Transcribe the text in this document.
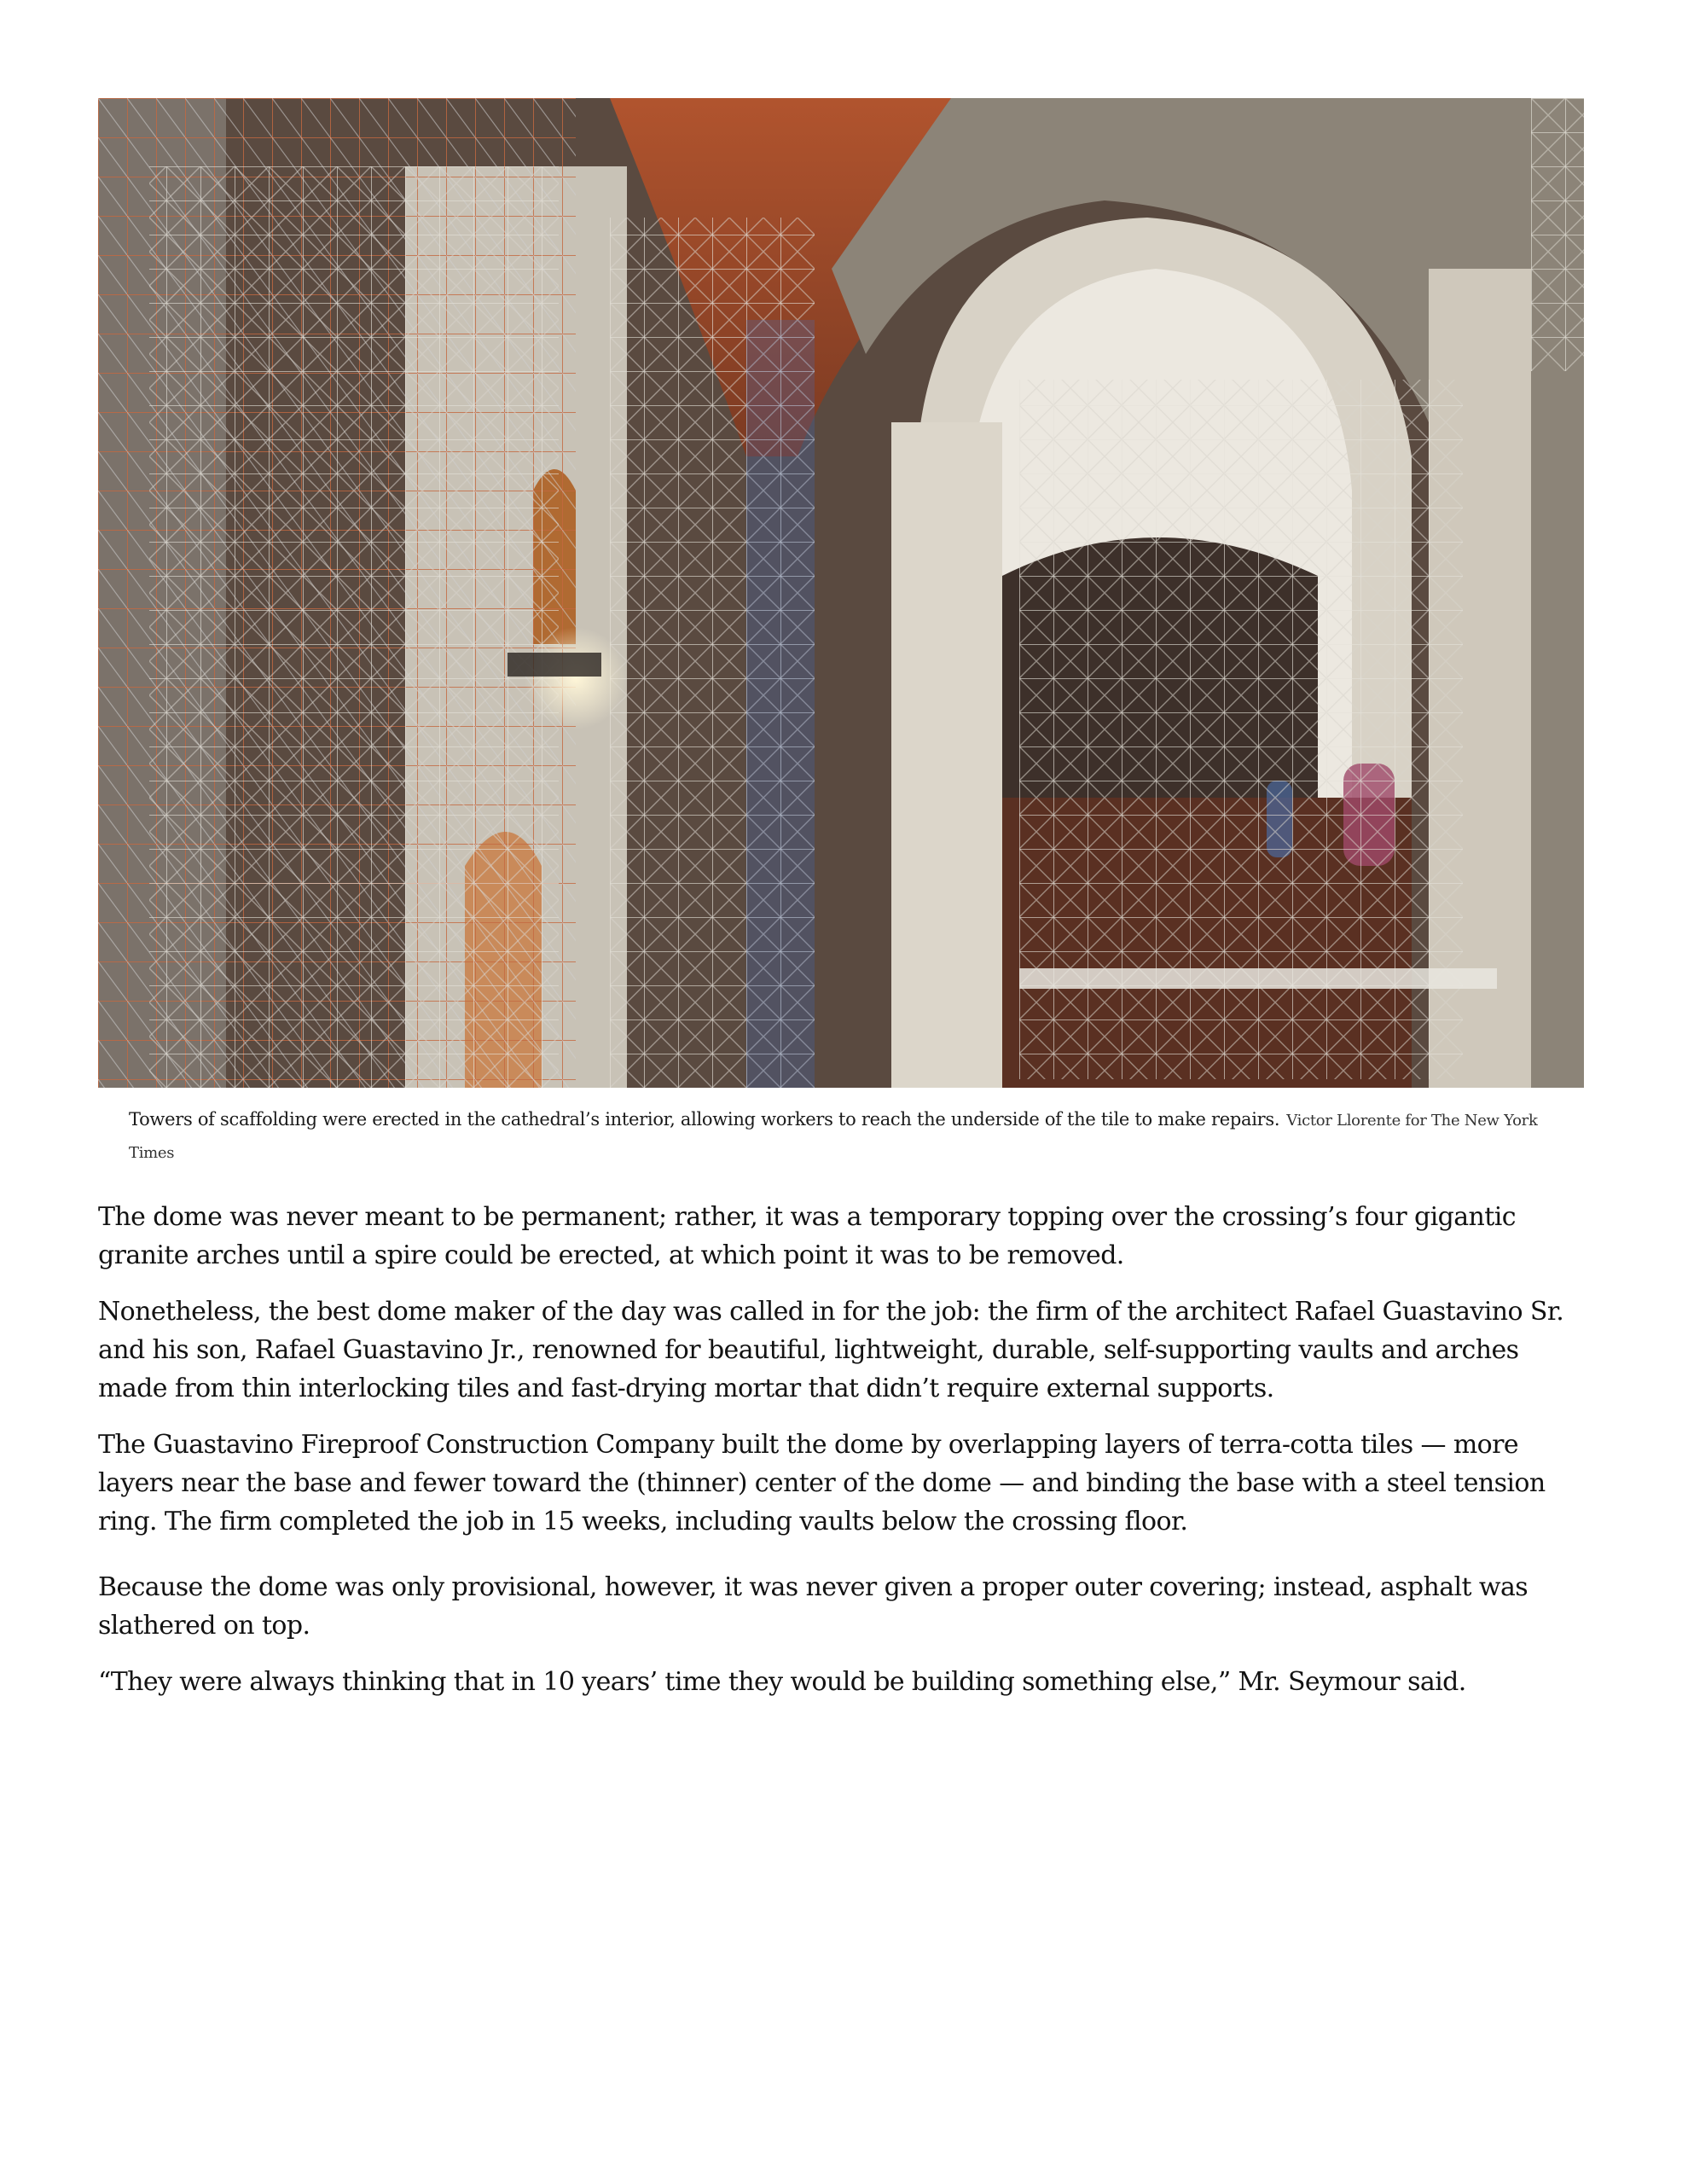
Towers of scaffolding were erected in the cathedral’s interior, allowing workers to reach the underside of the tile to make repairs. Victor Llorente for The New York Times

The dome was never meant to be permanent; rather, it was a temporary topping over the crossing’s four gigantic granite arches until a spire could be erected, at which point it was to be removed.

Nonetheless, the best dome maker of the day was called in for the job: the firm of the architect Rafael Guastavino Sr. and his son, Rafael Guastavino Jr., renowned for beautiful, lightweight, durable, self-supporting vaults and arches made from thin interlocking tiles and fast-drying mortar that didn’t require external supports.

The Guastavino Fireproof Construction Company built the dome by overlapping layers of terra-cotta tiles — more layers near the base and fewer toward the (thinner) center of the dome — and binding the base with a steel tension ring. The firm completed the job in 15 weeks, including vaults below the crossing floor.

Because the dome was only provisional, however, it was never given a proper outer covering; instead, asphalt was slathered on top.

“They were always thinking that in 10 years’ time they would be building something else,” Mr. Seymour said.
